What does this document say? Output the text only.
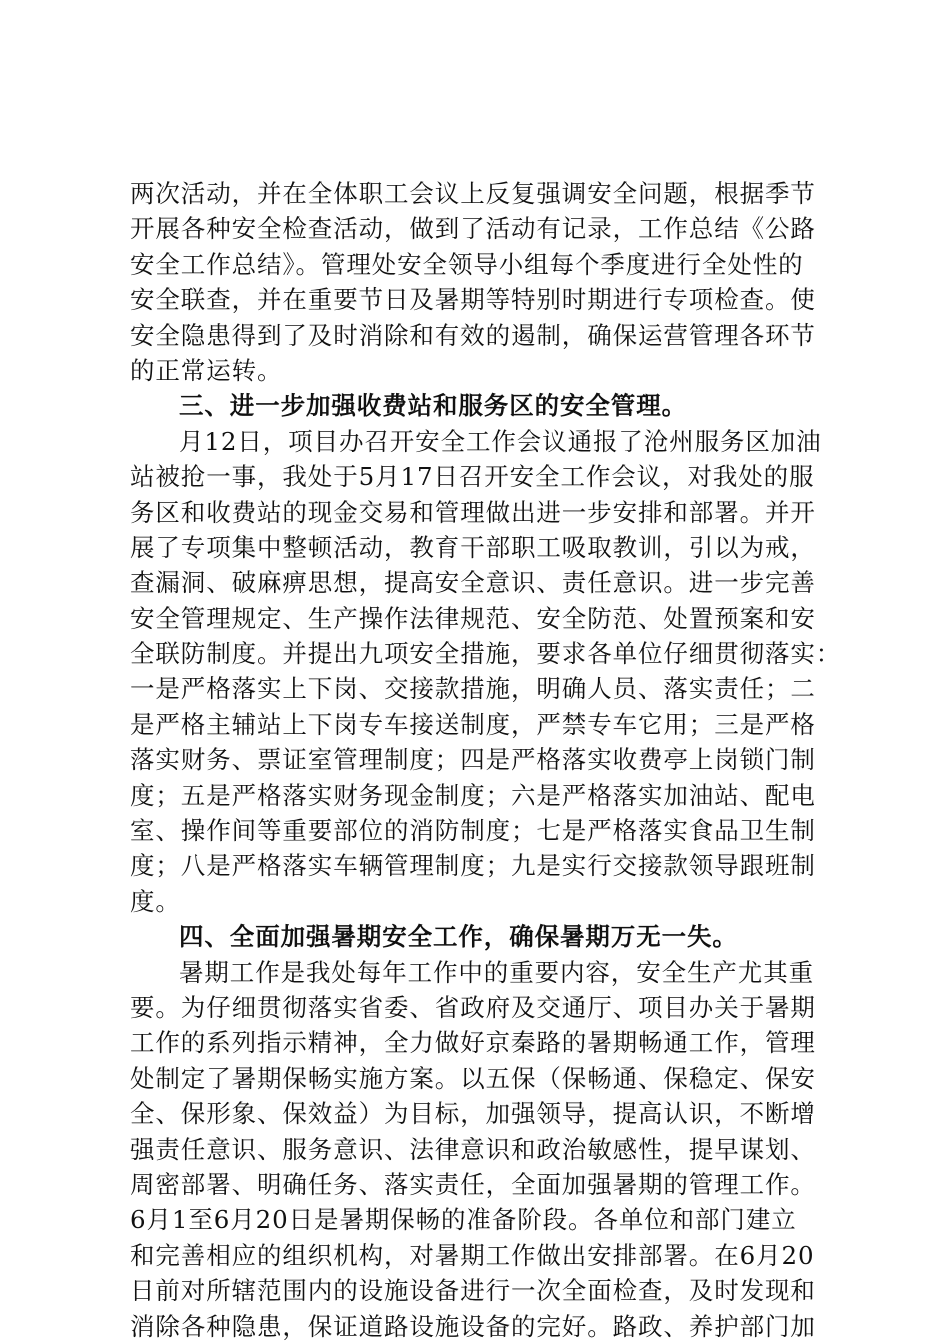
两次活动，并在全体职工会议上反复强调安全问题，根据季节
开展各种安全检查活动，做到了活动有记录，工作总结《公路
安全工作总结》。管理处安全领导小组每个季度进行全处性的
安全联查，并在重要节日及暑期等特别时期进行专项检查。使
安全隐患得到了及时消除和有效的遏制，确保运营管理各环节
的正常运转。
三、进一步加强收费站和服务区的安全管理。
月12日，项目办召开安全工作会议通报了沧州服务区加油
站被抢一事，我处于5月17日召开安全工作会议，对我处的服
务区和收费站的现金交易和管理做出进一步安排和部署。并开
展了专项集中整顿活动，教育干部职工吸取教训，引以为戒，
查漏洞、破麻痹思想，提高安全意识、责任意识。进一步完善
安全管理规定、生产操作法律规范、安全防范、处置预案和安
全联防制度。并提出九项安全措施，要求各单位仔细贯彻落实：
一是严格落实上下岗、交接款措施，明确人员、落实责任；二
是严格主辅站上下岗专车接送制度，严禁专车它用；三是严格
落实财务、票证室管理制度；四是严格落实收费亭上岗锁门制
度；五是严格落实财务现金制度；六是严格落实加油站、配电
室、操作间等重要部位的消防制度；七是严格落实食品卫生制
度；八是严格落实车辆管理制度；九是实行交接款领导跟班制
度。
四、全面加强暑期安全工作，确保暑期万无一失。
暑期工作是我处每年工作中的重要内容，安全生产尤其重
要。为仔细贯彻落实省委、省政府及交通厅、项目办关于暑期
工作的系列指示精神，全力做好京秦路的暑期畅通工作，管理
处制定了暑期保畅实施方案。以五保（保畅通、保稳定、保安
全、保形象、保效益）为目标，加强领导，提高认识，不断增
强责任意识、服务意识、法律意识和政治敏感性，提早谋划、
周密部署、明确任务、落实责任，全面加强暑期的管理工作。
6月1至6月20日是暑期保畅的准备阶段。各单位和部门建立
和完善相应的组织机构，对暑期工作做出安排部署。在6月20
日前对所辖范围内的设施设备进行一次全面检查，及时发现和
消除各种隐患，保证道路设施设备的完好。路政、养护部门加
